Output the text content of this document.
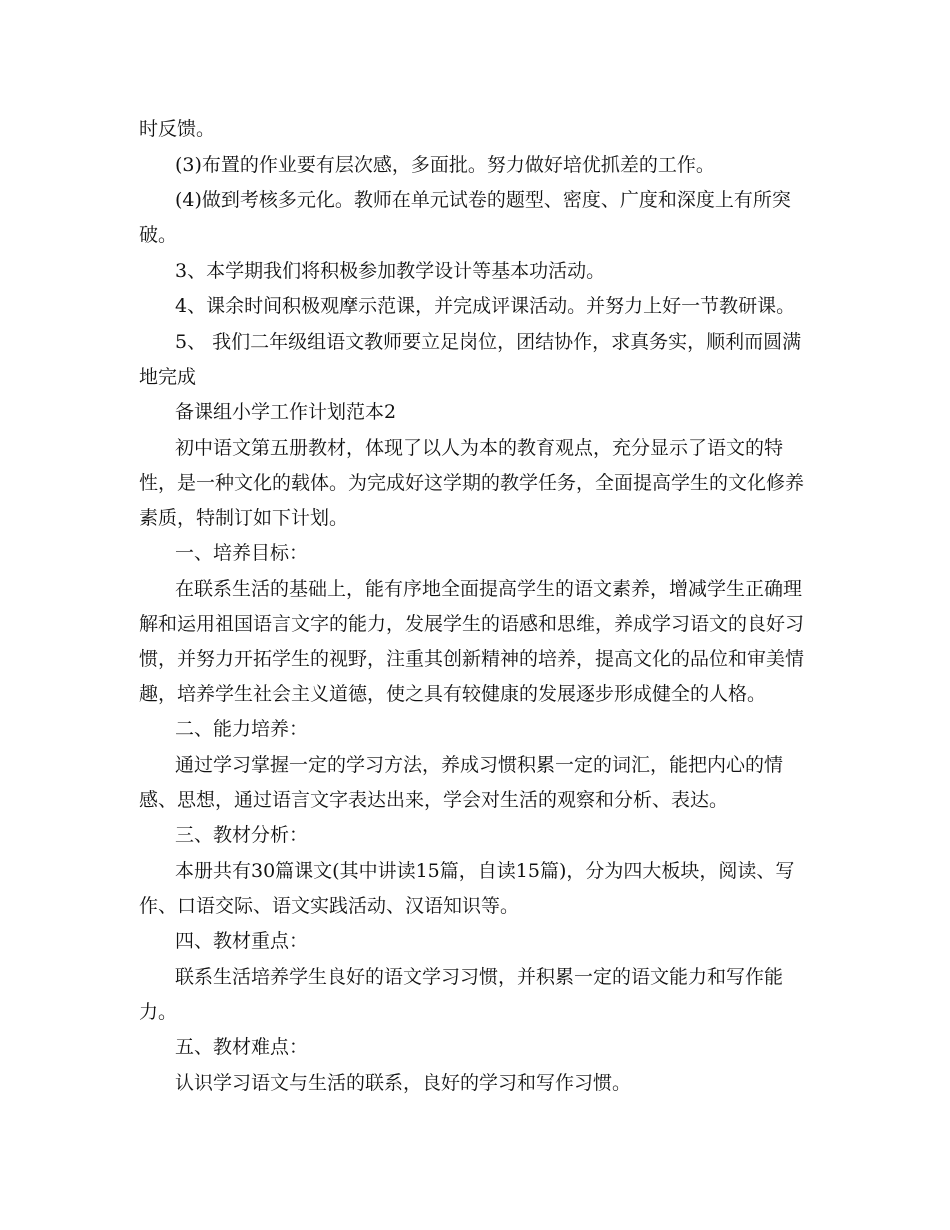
时反馈。

(3)布置的作业要有层次感，多面批。努力做好培优抓差的工作。

(4)做到考核多元化。教师在单元试卷的题型、密度、广度和深度上有所突破。

3、本学期我们将积极参加教学设计等基本功活动。

4、课余时间积极观摩示范课，并完成评课活动。并努力上好一节教研课。

5、 我们二年级组语文教师要立足岗位，团结协作，求真务实，顺利而圆满地完成

备课组小学工作计划范本2

初中语文第五册教材，体现了以人为本的教育观点，充分显示了语文的特性，是一种文化的载体。为完成好这学期的教学任务，全面提高学生的文化修养素质，特制订如下计划。

一、培养目标：

在联系生活的基础上，能有序地全面提高学生的语文素养，增减学生正确理解和运用祖国语言文字的能力，发展学生的语感和思维，养成学习语文的良好习惯，并努力开拓学生的视野，注重其创新精神的培养，提高文化的品位和审美情趣，培养学生社会主义道德，使之具有较健康的发展逐步形成健全的人格。

二、能力培养：

通过学习掌握一定的学习方法，养成习惯积累一定的词汇，能把内心的情感、思想，通过语言文字表达出来，学会对生活的观察和分析、表达。

三、教材分析：

本册共有30篇课文(其中讲读15篇，自读15篇)，分为四大板块，阅读、写作、口语交际、语文实践活动、汉语知识等。

四、教材重点：

联系生活培养学生良好的语文学习习惯，并积累一定的语文能力和写作能力。

五、教材难点：

认识学习语文与生活的联系，良好的学习和写作习惯。
